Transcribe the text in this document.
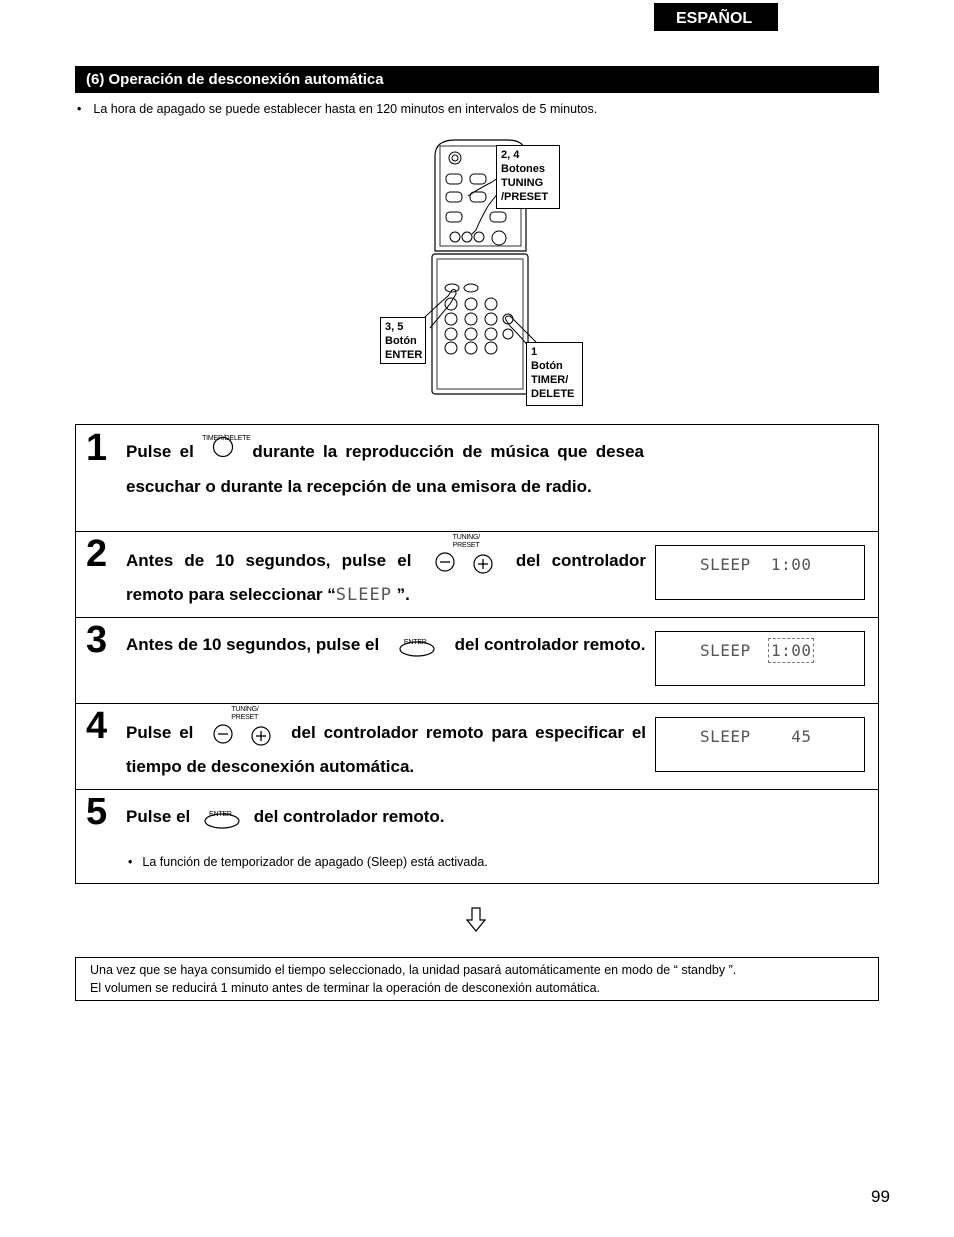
ESPAÑOL
(6) Operación de desconexión automática
• La hora de apagado se puede establecer hasta en 120 minutos en intervalos de 5 minutos.
2, 4
Botones
TUNING
/PRESET
3, 5
Botón
ENTER	1
Botón
TIMER/
DELETE
1 Pulse el
TIMER/DELETE
durante la reproducción de música que desea escuchar o durante la recepción de una emisora de radio.
2 Antes de 10 segundos, pulse el
TUNING/
PRESET
del controlador remoto para seleccionar “SLEEP ”.
SLEEP  1:00
3 Antes de 10 segundos, pulse el	ENTER del controlador remoto.	SLEEP 1:00
4 Pulse el
TUNING/
PRESET
del controlador remoto para especificar el tiempo de desconexión automática.
SLEEP    45
5 Pulse el	ENTER del controlador remoto.
• La función de temporizador de apagado (Sleep) está activada.
Una vez que se haya consumido el tiempo seleccionado, la unidad pasará automáticamente en modo de “ standby ”.
El volumen se reducirá 1 minuto antes de terminar la operación de desconexión automática.
99
